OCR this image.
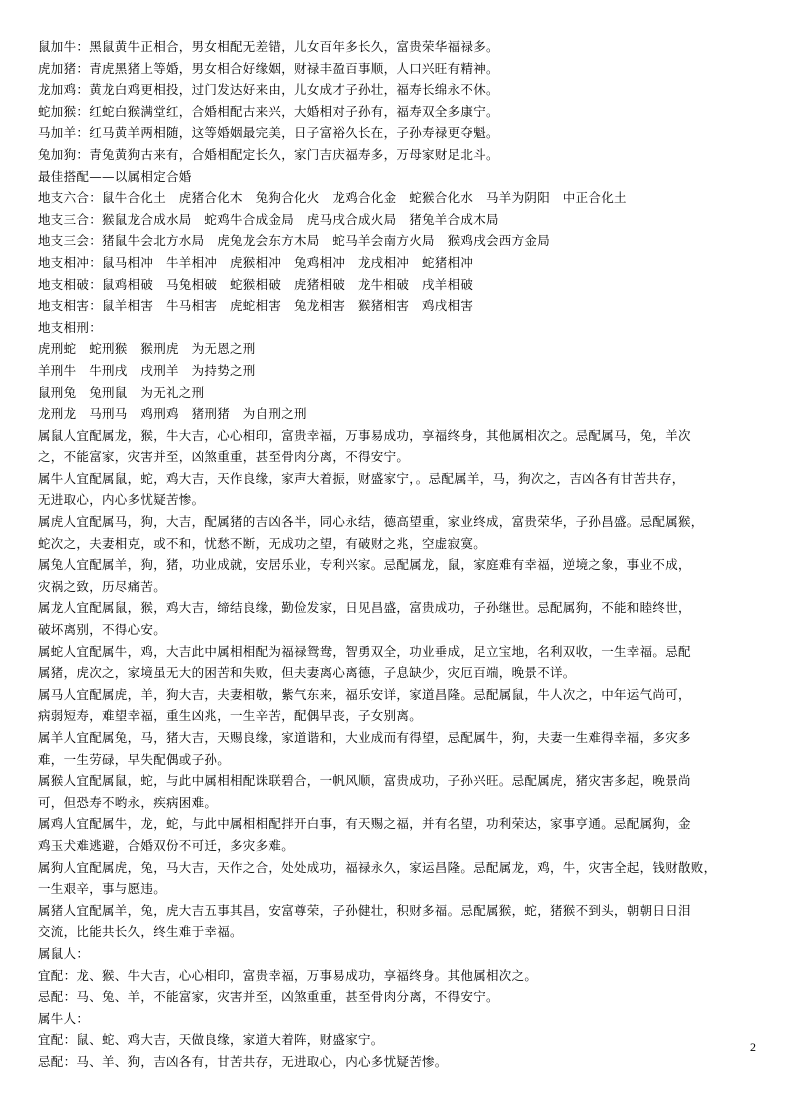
鼠加牛：黑鼠黄牛正相合，男女相配无差错，儿女百年多长久，富贵荣华福禄多。
虎加猪：青虎黑猪上等婚，男女相合好缘姻，财禄丰盈百事顺，人口兴旺有精神。
龙加鸡：黄龙白鸡更相投，过门发达好来由，儿女成才子孙壮，福寿长绵永不休。
蛇加猴：红蛇白猴满堂红，合婚相配古来兴，大婚相对子孙有，福寿双全多康宁。
马加羊：红马黄羊两相随，这等婚姻最完美，日子富裕久长在，子孙寿禄更夺魁。
兔加狗：青兔黄狗古来有，合婚相配定长久，家门吉庆福寿多，万母家财足北斗。
最佳搭配——以属相定合婚
地支六合：鼠牛合化土　虎猪合化木　兔狗合化火　龙鸡合化金　蛇猴合化水　马羊为阴阳　中正合化土
地支三合：猴鼠龙合成水局　蛇鸡牛合成金局　虎马戌合成火局　猪兔羊合成木局
地支三会：猪鼠牛会北方水局　虎兔龙会东方木局　蛇马羊会南方火局　猴鸡戌会西方金局
地支相冲：鼠马相冲　牛羊相冲　虎猴相冲　兔鸡相冲　龙戌相冲　蛇猪相冲
地支相破：鼠鸡相破　马兔相破　蛇猴相破　虎猪相破　龙牛相破　戌羊相破
地支相害：鼠羊相害　牛马相害　虎蛇相害　兔龙相害　猴猪相害　鸡戌相害
地支相刑：
虎刑蛇　蛇刑猴　猴刑虎　为无恩之刑
羊刑牛　牛刑戌　戌刑羊　为持势之刑
鼠刑兔　兔刑鼠　为无礼之刑
龙刑龙　马刑马　鸡刑鸡　猪刑猪　为自刑之刑
属鼠人宜配属龙，猴，牛大吉，心心相印，富贵幸福，万事易成功，享福终身，其他属相次之。忌配属马，兔，羊次
之，不能富家，灾害并至，凶煞重重，甚至骨肉分离，不得安宁。
属牛人宜配属鼠，蛇，鸡大吉，天作良缘，家声大着振，财盛家宁，。忌配属羊，马，狗次之，吉凶各有甘苦共存，
无进取心，内心多忧疑苦惨。
属虎人宜配属马，狗，大吉，配属猪的吉凶各半，同心永结，德高望重，家业终成，富贵荣华，子孙昌盛。忌配属猴，
蛇次之，夫妻相克，或不和，忧愁不断，无成功之望，有破财之兆，空虚寂寞。
属兔人宜配属羊，狗，猪，功业成就，安居乐业，专利兴家。忌配属龙，鼠，家庭难有幸福，逆境之象，事业不成，
灾祸之致，历尽痛苦。
属龙人宜配属鼠，猴，鸡大吉，缔结良缘，勤俭发家，日见昌盛，富贵成功，子孙继世。忌配属狗，不能和睦终世，
破坏离别，不得心安。
属蛇人宜配属牛，鸡，大吉此中属相相配为福禄鸳鸯，智勇双全，功业垂成，足立宝地，名利双收，一生幸福。忌配
属猪，虎次之，家境虽无大的困苦和失败，但夫妻离心离德，子息缺少，灾厄百端，晚景不详。
属马人宜配属虎，羊，狗大吉，夫妻相敬，紫气东来，福乐安详，家道昌隆。忌配属鼠，牛人次之，中年运气尚可，
病弱短寿，难望幸福，重生凶兆，一生辛苦，配偶早丧，子女别离。
属羊人宜配属兔，马，猪大吉，天赐良缘，家道谐和，大业成而有得望，忌配属牛，狗，夫妻一生难得幸福，多灾多
难，一生劳碌，早失配偶或子孙。
属猴人宜配属鼠，蛇，与此中属相相配诛联碧合，一帆风顺，富贵成功，子孙兴旺。忌配属虎，猪灾害多起，晚景尚
可，但恐寿不哟永，疾病困难。
属鸡人宜配属牛，龙，蛇，与此中属相相配拌开白事，有天赐之福，并有名望，功利荣达，家事亨通。忌配属狗，金
鸡玉犬难逃避，合婚双份不可迁，多灾多难。
属狗人宜配属虎，兔，马大吉，天作之合，处处成功，福禄永久，家运昌隆。忌配属龙，鸡，牛，灾害全起，钱财散败，
一生艰辛，事与愿违。
属猪人宜配属羊，兔，虎大吉五事其昌，安富尊荣，子孙健壮，积财多福。忌配属猴，蛇，猪猴不到头，朝朝日日泪
交流，比能共长久，终生难于幸福。
属鼠人：
宜配：龙、猴、牛大吉，心心相印，富贵幸福，万事易成功，享福终身。其他属相次之。
忌配：马、兔、羊，不能富家，灾害并至，凶煞重重，甚至骨肉分离，不得安宁。
属牛人：
宜配：鼠、蛇、鸡大吉，天做良缘，家道大着阵，财盛家宁。
忌配：马、羊、狗，吉凶各有，甘苦共存，无进取心，内心多忧疑苦惨。
2
